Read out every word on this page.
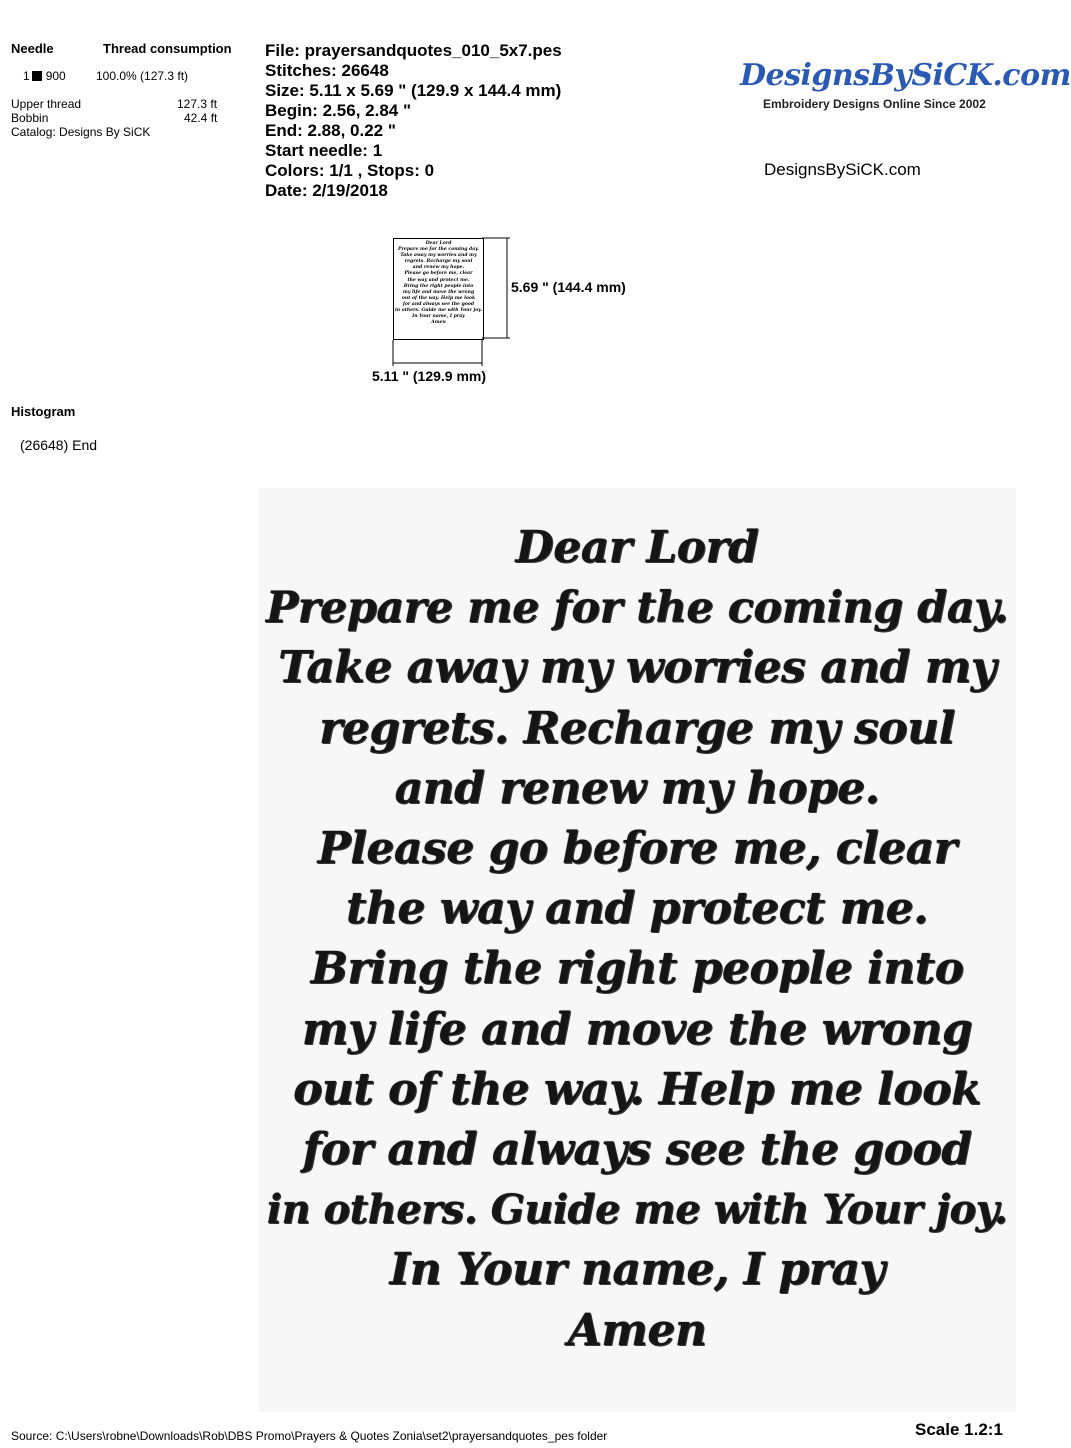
Needle	Thread consumption
1 900	100.0% (127.3 ft)
Upper thread	127.3 ft
Bobbin	42.4 ft
Catalog: Designs By SiCK
File: prayersandquotes_010_5x7.pes
Stitches: 26648
Size: 5.11 x 5.69 " (129.9 x 144.4 mm)
Begin: 2.56, 2.84 "
End: 2.88, 0.22 "
Start needle: 1
Colors: 1/1 , Stops: 0
Date: 2/19/2018
DesignsBySiCK.com
Embroidery Designs Online Since 2002
DesignsBySiCK.com
Dear Lord
Prepare me for the coming day.
Take away my worries and my
regrets. Recharge my soul
and renew my hope.
Please go before me, clear
the way and protect me.
Bring the right people into
my life and move the wrong
out of the way. Help me look
for and always see the good
in others. Guide me with Your joy.
In Your name, I pray
Amen
5.69 " (144.4 mm)
5.11 " (129.9 mm)
Histogram
(26648) End
Dear Lord
Prepare me for the coming day.
Take away my worries and my
regrets. Recharge my soul
and renew my hope.
Please go before me, clear
the way and protect me.
Bring the right people into
my life and move the wrong
out of the way. Help me look
for and always see the good
in others. Guide me with Your joy.
In Your name, I pray
Amen
Source: C:\Users\robne\Downloads\Rob\DBS Promo\Prayers & Quotes Zonia\set2\prayersandquotes_pes folder	Scale 1.2:1
